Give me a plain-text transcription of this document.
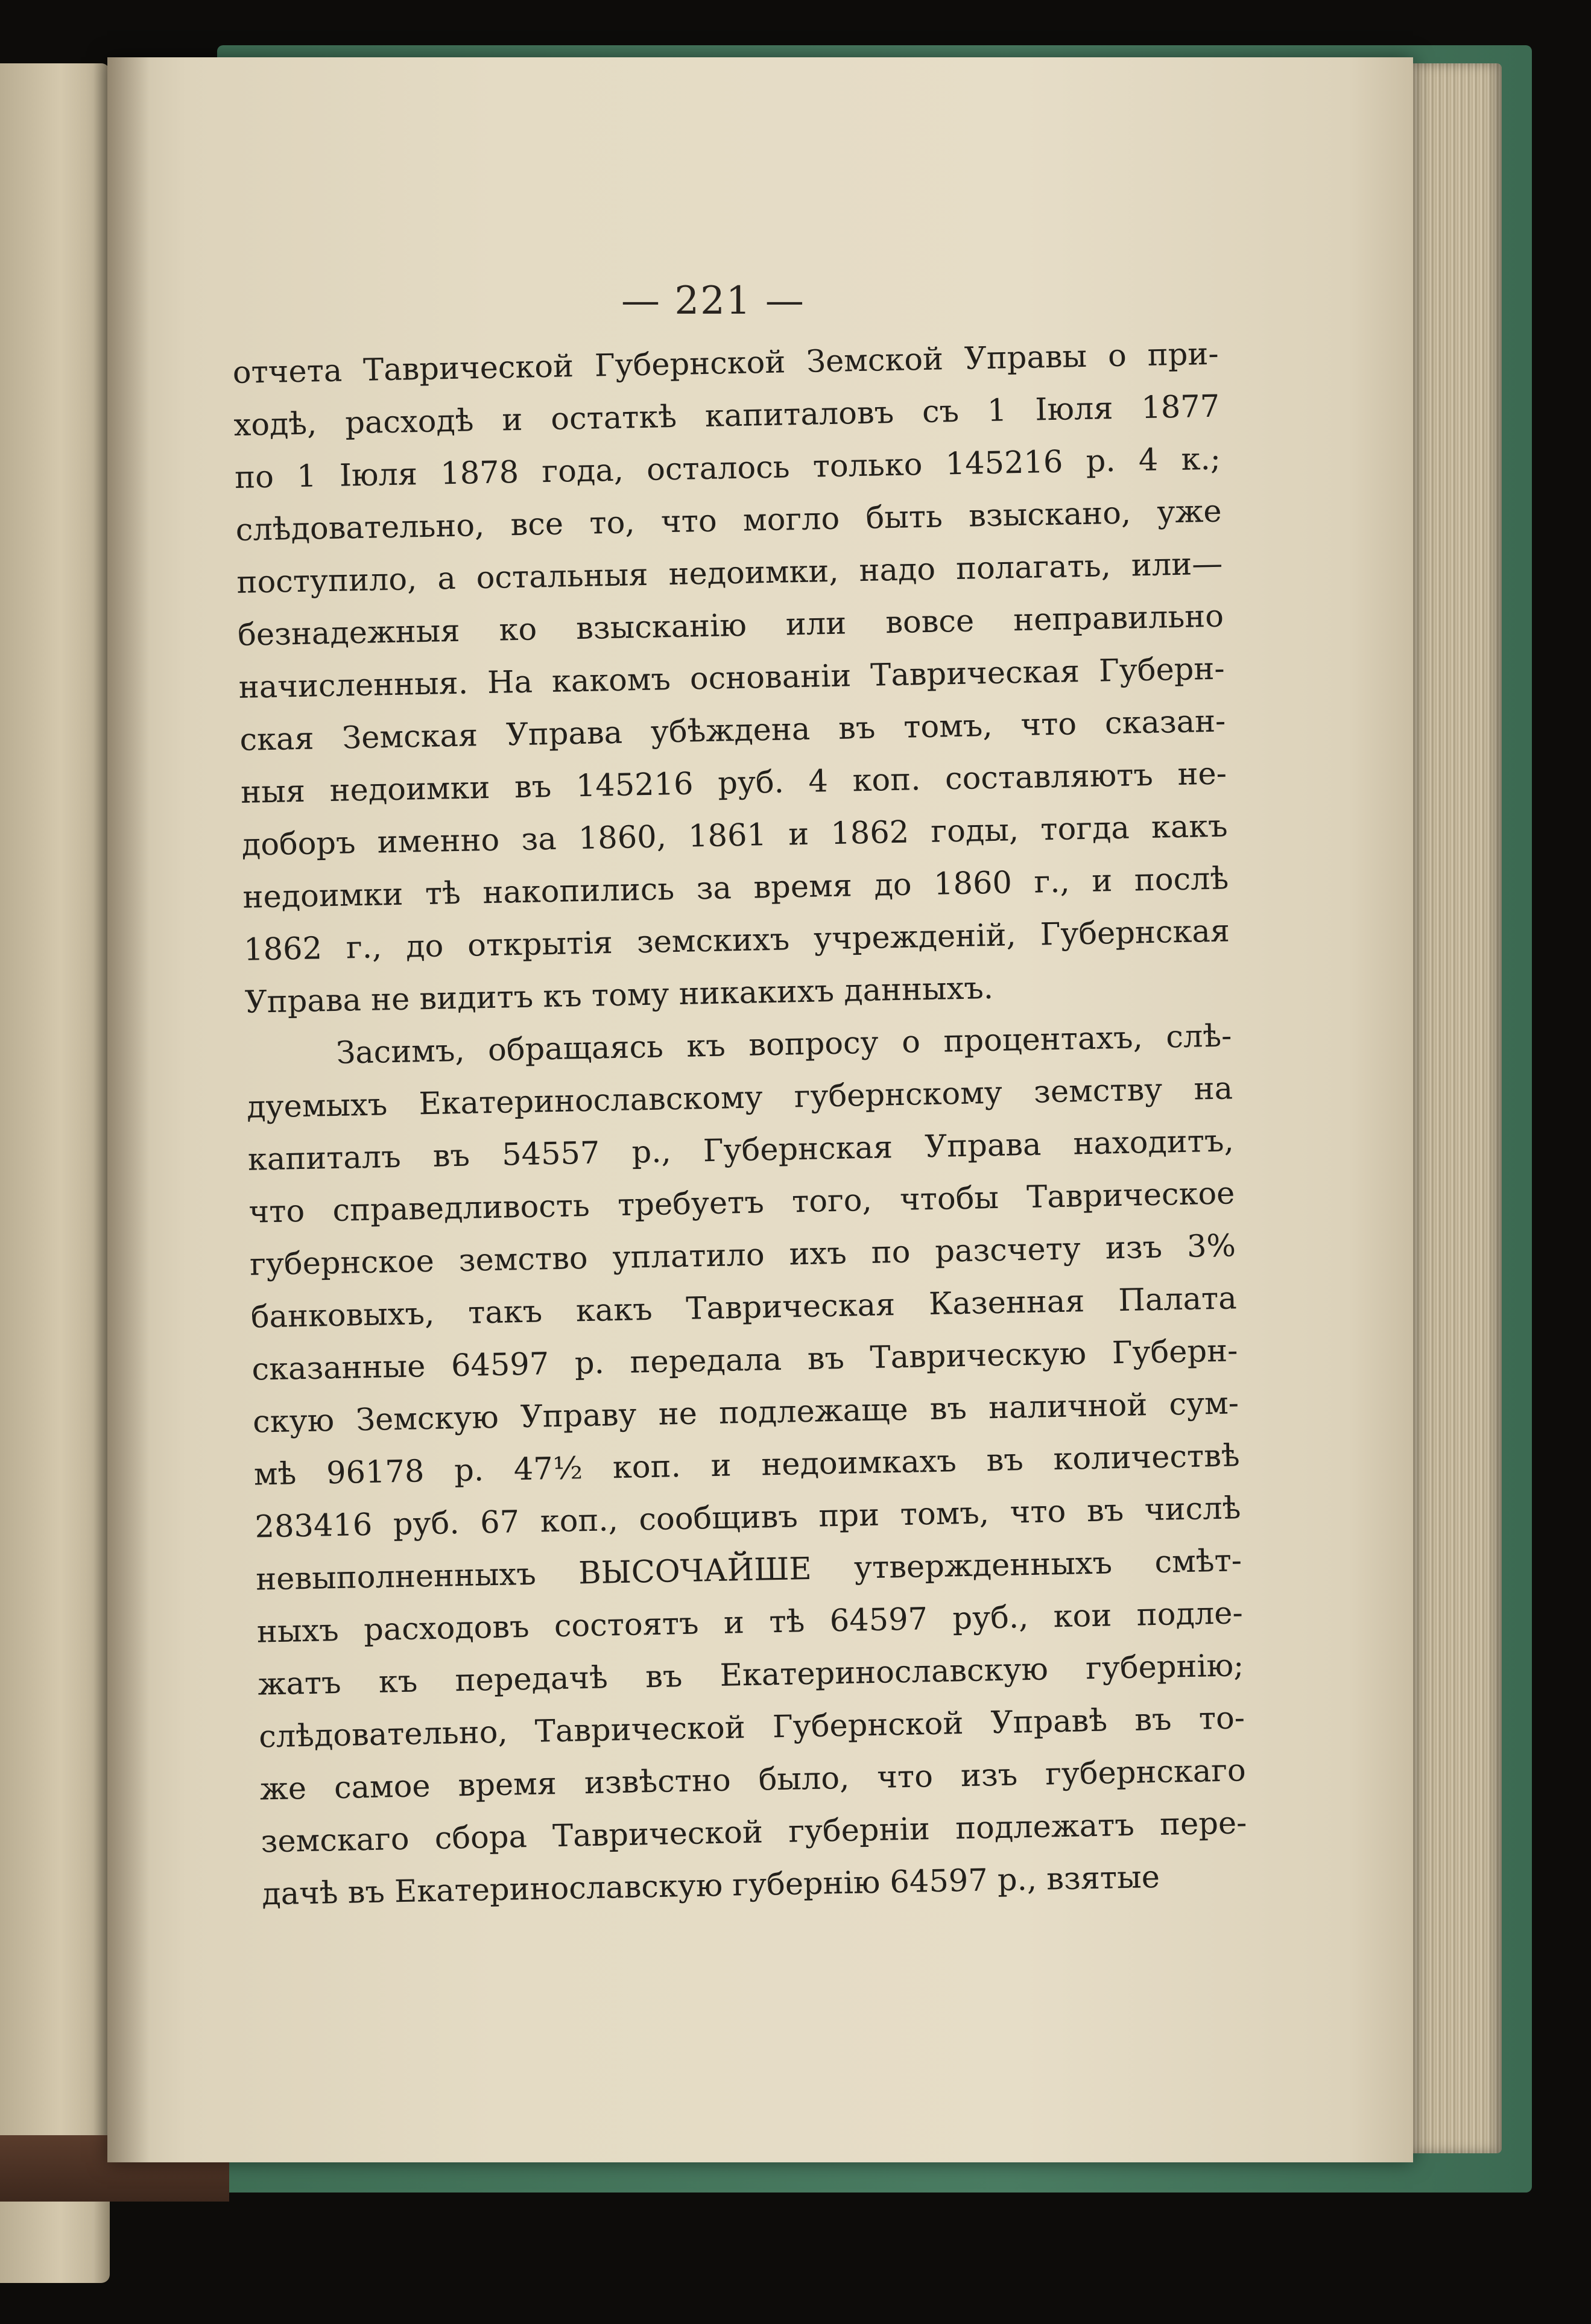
— 221 —
отчета Таврической Губернской Земской Управы о при-
ходѣ, расходѣ и остаткѣ капиталовъ съ 1 Іюля 1877
по 1 Іюля 1878 года, осталось только 145216 р. 4 к.;
слѣдовательно, все то, что могло быть взыскано, уже
поступило, а остальныя недоимки, надо полагать, или—
безнадежныя ко взысканію или вовсе неправильно
начисленныя. На какомъ основаніи Таврическая Губерн-
ская Земская Управа убѣждена въ томъ, что сказан-
ныя недоимки въ 145216 руб. 4 коп. составляютъ не-
доборъ именно за 1860, 1861 и 1862 годы, тогда какъ
недоимки тѣ накопились за время до 1860 г., и послѣ
1862 г., до открытія земскихъ учрежденій, Губернская
Управа не видитъ къ тому никакихъ данныхъ.
Засимъ, обращаясь къ вопросу о процентахъ, слѣ-
дуемыхъ Екатеринославскому губернскому земству на
капиталъ въ 54557 р., Губернская Управа находитъ,
что справедливость требуетъ того, чтобы Таврическое
губернское земство уплатило ихъ по разсчету изъ 3%
банковыхъ, такъ какъ Таврическая Казенная Палата
сказанные 64597 р. передала въ Таврическую Губерн-
скую Земскую Управу не подлежаще въ наличной сум-
мѣ 96178 р. 47½ коп. и недоимкахъ въ количествѣ
283416 руб. 67 коп., сообщивъ при томъ, что въ числѣ
невыполненныхъ ВЫСОЧАЙШЕ утвержденныхъ смѣт-
ныхъ расходовъ состоятъ и тѣ 64597 руб., кои подле-
жатъ къ передачѣ въ Екатеринославскую губернію;
слѣдовательно, Таврической Губернской Управѣ въ то-
же самое время извѣстно было, что изъ губернскаго
земскаго сбора Таврической губерніи подлежатъ пере-
дачѣ въ Екатеринославскую губернію 64597 р., взятые
